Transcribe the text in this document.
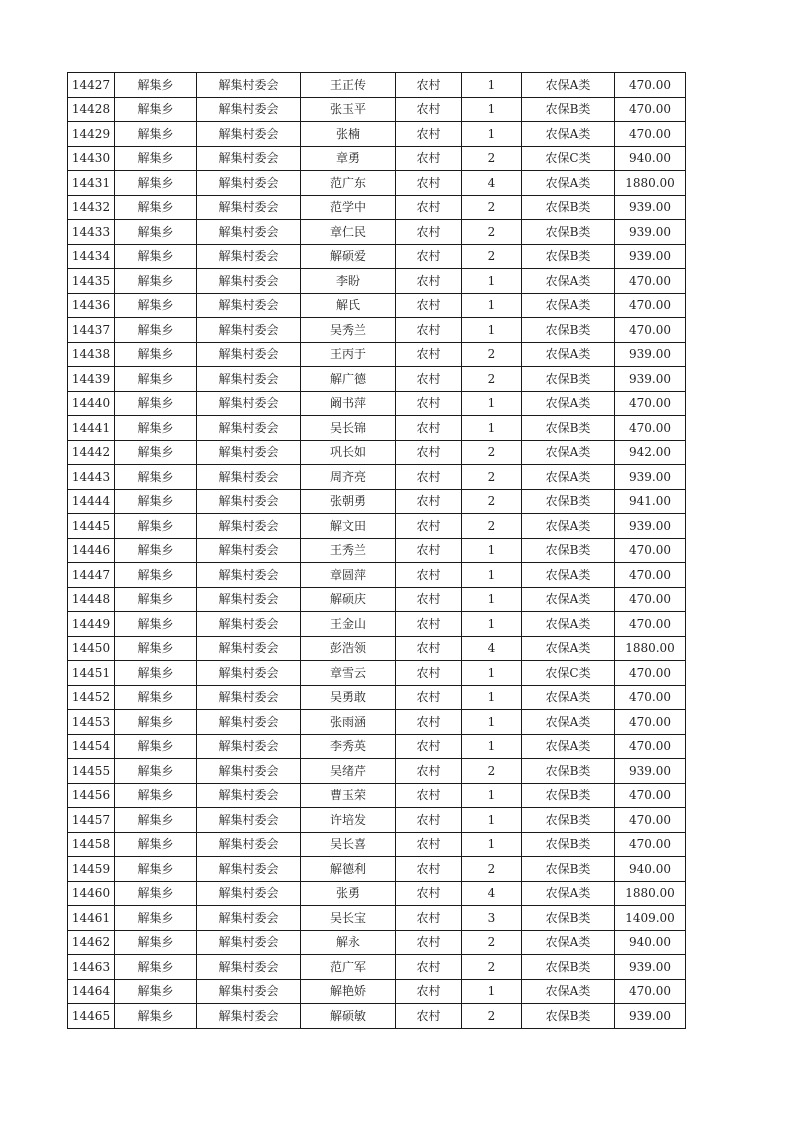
14427	解集乡	解集村委会	王正传	农村	1	农保A类	470.00
14428	解集乡	解集村委会	张玉平	农村	1	农保B类	470.00
14429	解集乡	解集村委会	张楠	农村	1	农保A类	470.00
14430	解集乡	解集村委会	章勇	农村	2	农保C类	940.00
14431	解集乡	解集村委会	范广东	农村	4	农保A类	1880.00
14432	解集乡	解集村委会	范学中	农村	2	农保B类	939.00
14433	解集乡	解集村委会	章仁民	农村	2	农保B类	939.00
14434	解集乡	解集村委会	解硕爱	农村	2	农保B类	939.00
14435	解集乡	解集村委会	李盼	农村	1	农保A类	470.00
14436	解集乡	解集村委会	解氏	农村	1	农保A类	470.00
14437	解集乡	解集村委会	吴秀兰	农村	1	农保B类	470.00
14438	解集乡	解集村委会	王丙于	农村	2	农保A类	939.00
14439	解集乡	解集村委会	解广德	农村	2	农保B类	939.00
14440	解集乡	解集村委会	阚书萍	农村	1	农保A类	470.00
14441	解集乡	解集村委会	吴长锦	农村	1	农保B类	470.00
14442	解集乡	解集村委会	巩长如	农村	2	农保A类	942.00
14443	解集乡	解集村委会	周齐亮	农村	2	农保A类	939.00
14444	解集乡	解集村委会	张朝勇	农村	2	农保B类	941.00
14445	解集乡	解集村委会	解文田	农村	2	农保A类	939.00
14446	解集乡	解集村委会	王秀兰	农村	1	农保B类	470.00
14447	解集乡	解集村委会	章圆萍	农村	1	农保A类	470.00
14448	解集乡	解集村委会	解硕庆	农村	1	农保A类	470.00
14449	解集乡	解集村委会	王金山	农村	1	农保A类	470.00
14450	解集乡	解集村委会	彭浩领	农村	4	农保A类	1880.00
14451	解集乡	解集村委会	章雪云	农村	1	农保C类	470.00
14452	解集乡	解集村委会	吴勇敢	农村	1	农保A类	470.00
14453	解集乡	解集村委会	张雨涵	农村	1	农保A类	470.00
14454	解集乡	解集村委会	李秀英	农村	1	农保A类	470.00
14455	解集乡	解集村委会	吴绪芹	农村	2	农保B类	939.00
14456	解集乡	解集村委会	曹玉荣	农村	1	农保B类	470.00
14457	解集乡	解集村委会	许培发	农村	1	农保B类	470.00
14458	解集乡	解集村委会	吴长喜	农村	1	农保B类	470.00
14459	解集乡	解集村委会	解德利	农村	2	农保B类	940.00
14460	解集乡	解集村委会	张勇	农村	4	农保A类	1880.00
14461	解集乡	解集村委会	吴长宝	农村	3	农保B类	1409.00
14462	解集乡	解集村委会	解永	农村	2	农保A类	940.00
14463	解集乡	解集村委会	范广军	农村	2	农保B类	939.00
14464	解集乡	解集村委会	解艳娇	农村	1	农保A类	470.00
14465	解集乡	解集村委会	解硕敏	农村	2	农保B类	939.00
